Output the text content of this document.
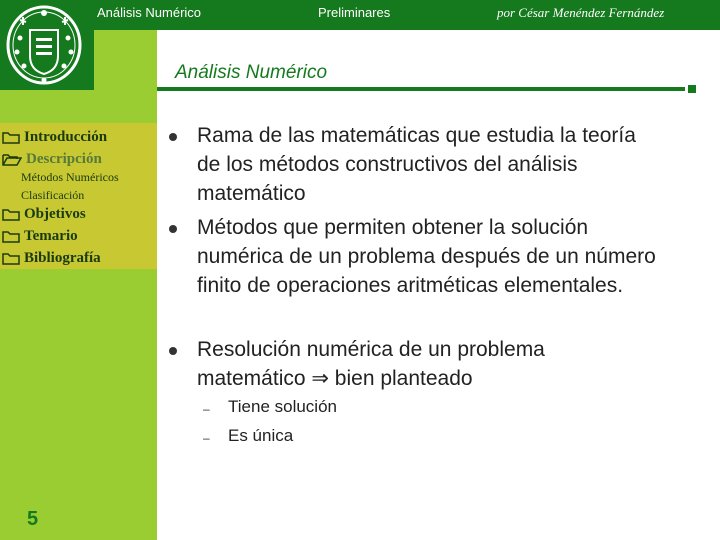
Análisis Numérico	Preliminares	por César Menéndez Fernández
Análisis Numérico
Introducción
Descripción
Métodos Numéricos
Clasificación
Objetivos
Temario
Bibliografía
5
Rama de las matemáticas que estudia la teoría de los métodos constructivos del análisis matemático
Métodos que permiten obtener la solución numérica de un problema después de un número finito de operaciones aritméticas elementales.
Resolución numérica de un problema matemático ⇒ bien planteado
– Tiene solución
– Es única
